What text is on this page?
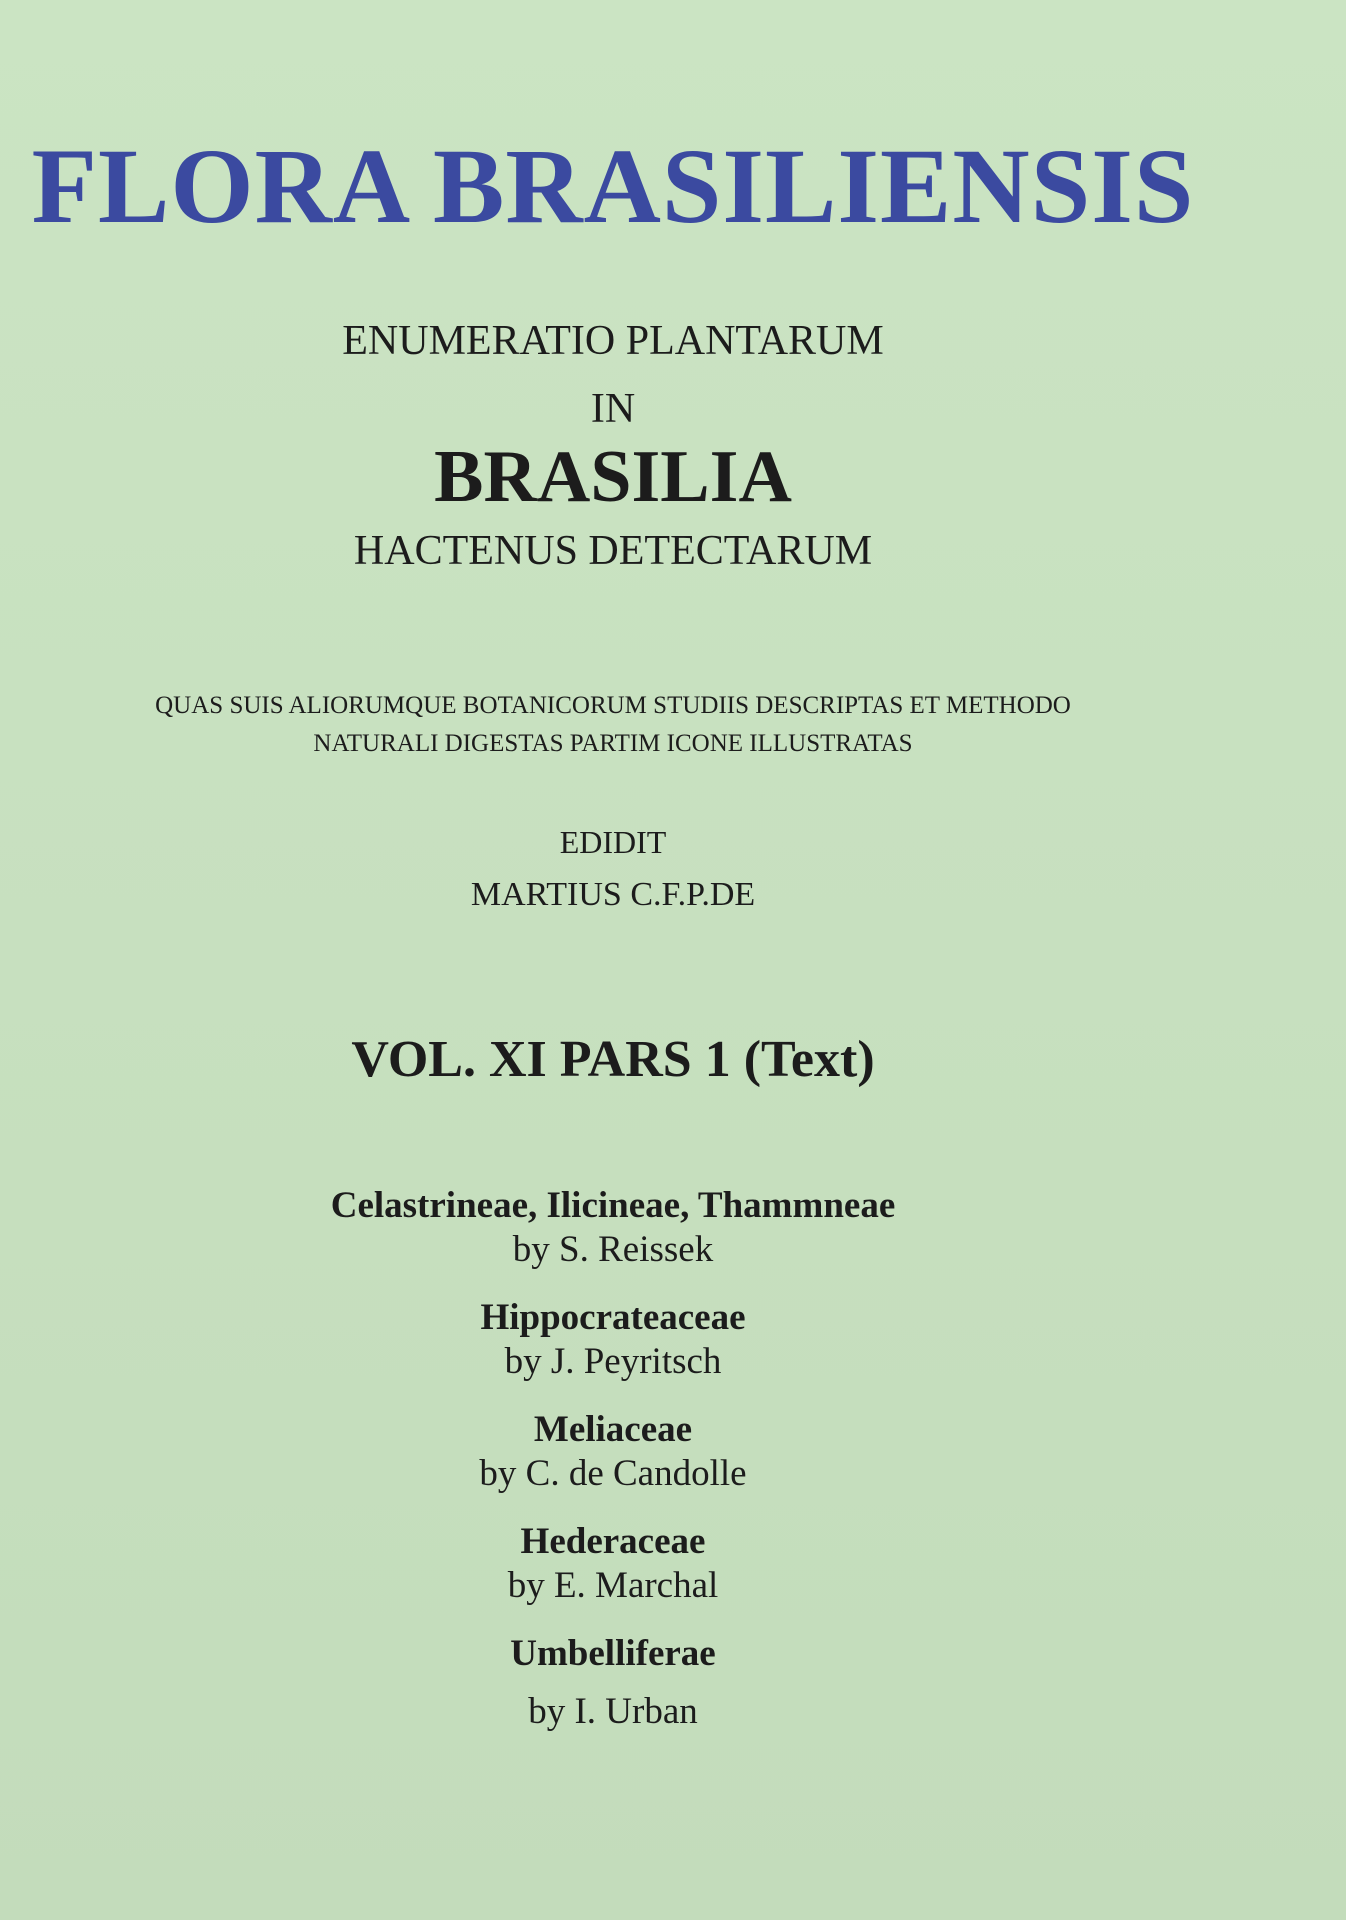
FLORA BRASILIENSIS
ENUMERATIO PLANTARUM
IN
BRASILIA
HACTENUS DETECTARUM
QUAS SUIS ALIORUMQUE BOTANICORUM STUDIIS DESCRIPTAS ET METHODO
NATURALI DIGESTAS PARTIM ICONE ILLUSTRATAS
EDIDIT
MARTIUS C.F.P.DE
VOL. XI PARS 1 (Text)
Celastrineae, Ilicineae, Thammneae
by S. Reissek
Hippocrateaceae
by J. Peyritsch
Meliaceae
by C. de Candolle
Hederaceae
by E. Marchal
Umbelliferae
by I. Urban
